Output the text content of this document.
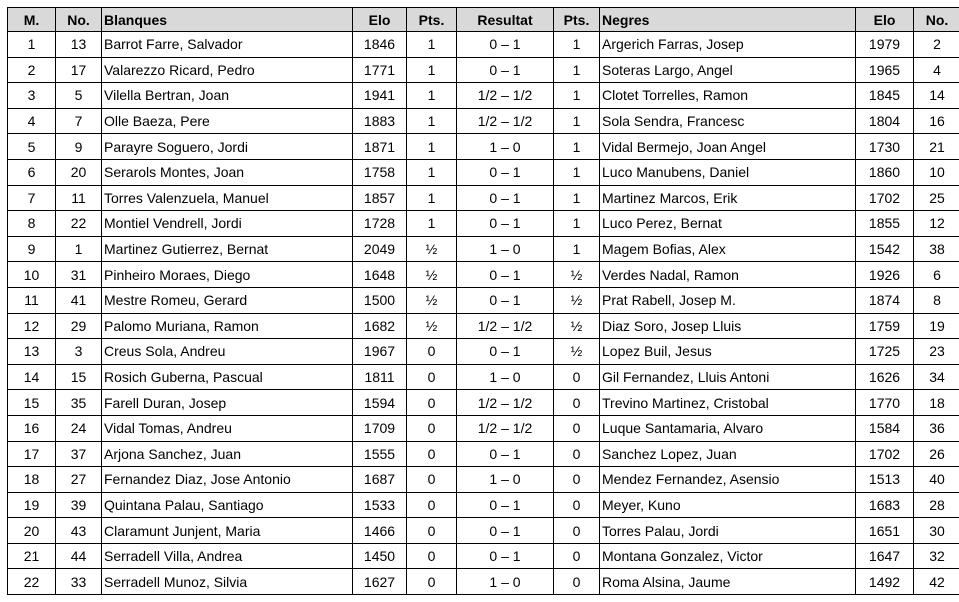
M.	No.	Blanques	Elo	Pts.	Resultat	Pts.	Negres	Elo	No.
1	13	Barrot Farre, Salvador	1846	1	0 – 1	1	Argerich Farras, Josep	1979	2
2	17	Valarezzo Ricard, Pedro	1771	1	0 – 1	1	Soteras Largo, Angel	1965	4
3	5	Vilella Bertran, Joan	1941	1	1/2 – 1/2	1	Clotet Torrelles, Ramon	1845	14
4	7	Olle Baeza, Pere	1883	1	1/2 – 1/2	1	Sola Sendra, Francesc	1804	16
5	9	Parayre Soguero, Jordi	1871	1	1 – 0	1	Vidal Bermejo, Joan Angel	1730	21
6	20	Serarols Montes, Joan	1758	1	0 – 1	1	Luco Manubens, Daniel	1860	10
7	11	Torres Valenzuela, Manuel	1857	1	0 – 1	1	Martinez Marcos, Erik	1702	25
8	22	Montiel Vendrell, Jordi	1728	1	0 – 1	1	Luco Perez, Bernat	1855	12
9	1	Martinez Gutierrez, Bernat	2049	½	1 – 0	1	Magem Bofias, Alex	1542	38
10	31	Pinheiro Moraes, Diego	1648	½	0 – 1	½	Verdes Nadal, Ramon	1926	6
11	41	Mestre Romeu, Gerard	1500	½	0 – 1	½	Prat Rabell, Josep M.	1874	8
12	29	Palomo Muriana, Ramon	1682	½	1/2 – 1/2	½	Diaz Soro, Josep Lluis	1759	19
13	3	Creus Sola, Andreu	1967	0	0 – 1	½	Lopez Buil, Jesus	1725	23
14	15	Rosich Guberna, Pascual	1811	0	1 – 0	0	Gil Fernandez, Lluis Antoni	1626	34
15	35	Farell Duran, Josep	1594	0	1/2 – 1/2	0	Trevino Martinez, Cristobal	1770	18
16	24	Vidal Tomas, Andreu	1709	0	1/2 – 1/2	0	Luque Santamaria, Alvaro	1584	36
17	37	Arjona Sanchez, Juan	1555	0	0 – 1	0	Sanchez Lopez, Juan	1702	26
18	27	Fernandez Diaz, Jose Antonio	1687	0	1 – 0	0	Mendez Fernandez, Asensio	1513	40
19	39	Quintana Palau, Santiago	1533	0	0 – 1	0	Meyer, Kuno	1683	28
20	43	Claramunt Junjent, Maria	1466	0	0 – 1	0	Torres Palau, Jordi	1651	30
21	44	Serradell Villa, Andrea	1450	0	0 – 1	0	Montana Gonzalez, Victor	1647	32
22	33	Serradell Munoz, Silvia	1627	0	1 – 0	0	Roma Alsina, Jaume	1492	42
